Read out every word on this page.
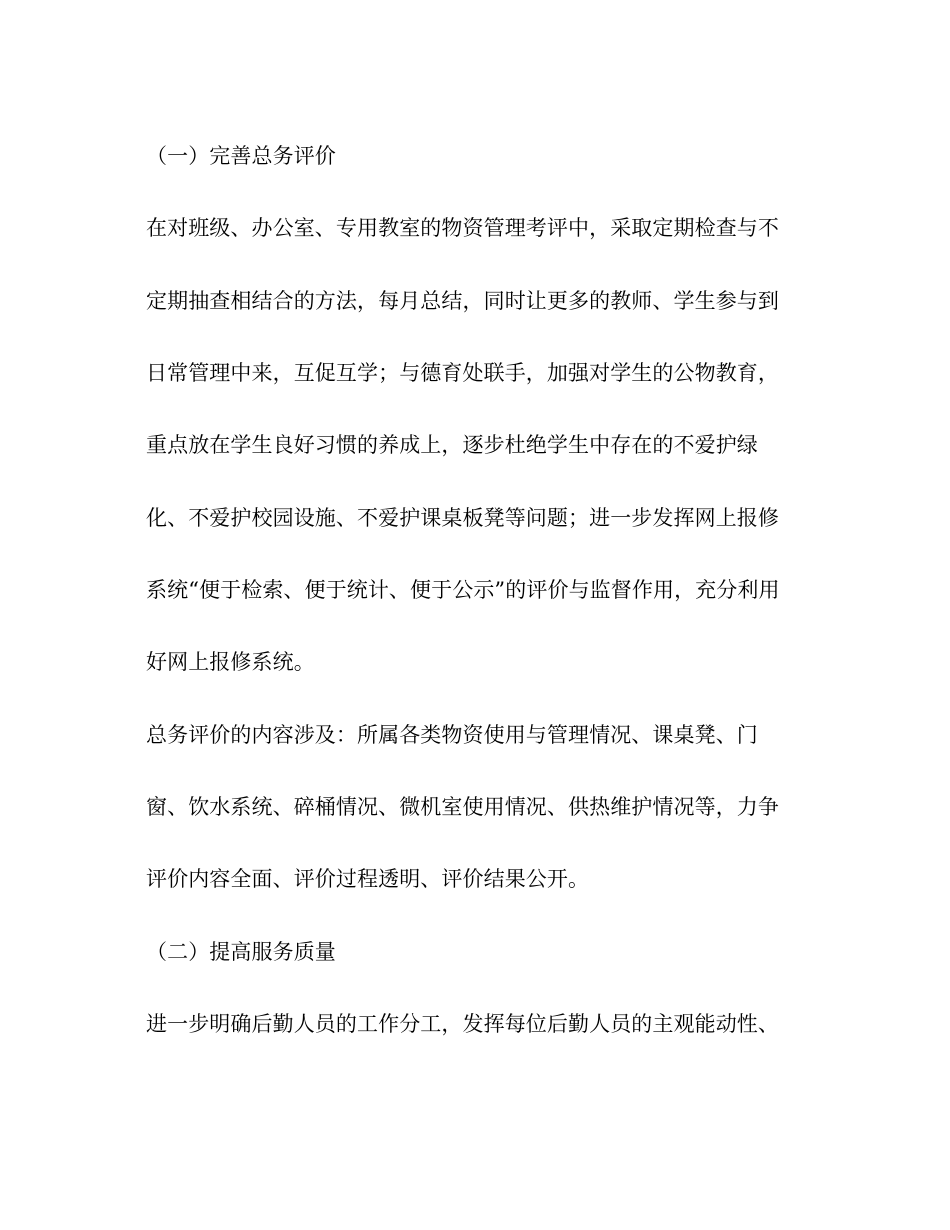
（一）完善总务评价
在对班级、办公室、专用教室的物资管理考评中，采取定期检查与不
定期抽查相结合的方法，每月总结，同时让更多的教师、学生参与到
日常管理中来，互促互学；与德育处联手，加强对学生的公物教育，
重点放在学生良好习惯的养成上，逐步杜绝学生中存在的不爱护绿
化、不爱护校园设施、不爱护课桌板凳等问题；进一步发挥网上报修
系统“便于检索、便于统计、便于公示”的评价与监督作用，充分利用
好网上报修系统。
总务评价的内容涉及：所属各类物资使用与管理情况、课桌凳、门
窗、饮水系统、碎桶情况、微机室使用情况、供热维护情况等，力争
评价内容全面、评价过程透明、评价结果公开。
（二）提高服务质量
进一步明确后勤人员的工作分工，发挥每位后勤人员的主观能动性、
